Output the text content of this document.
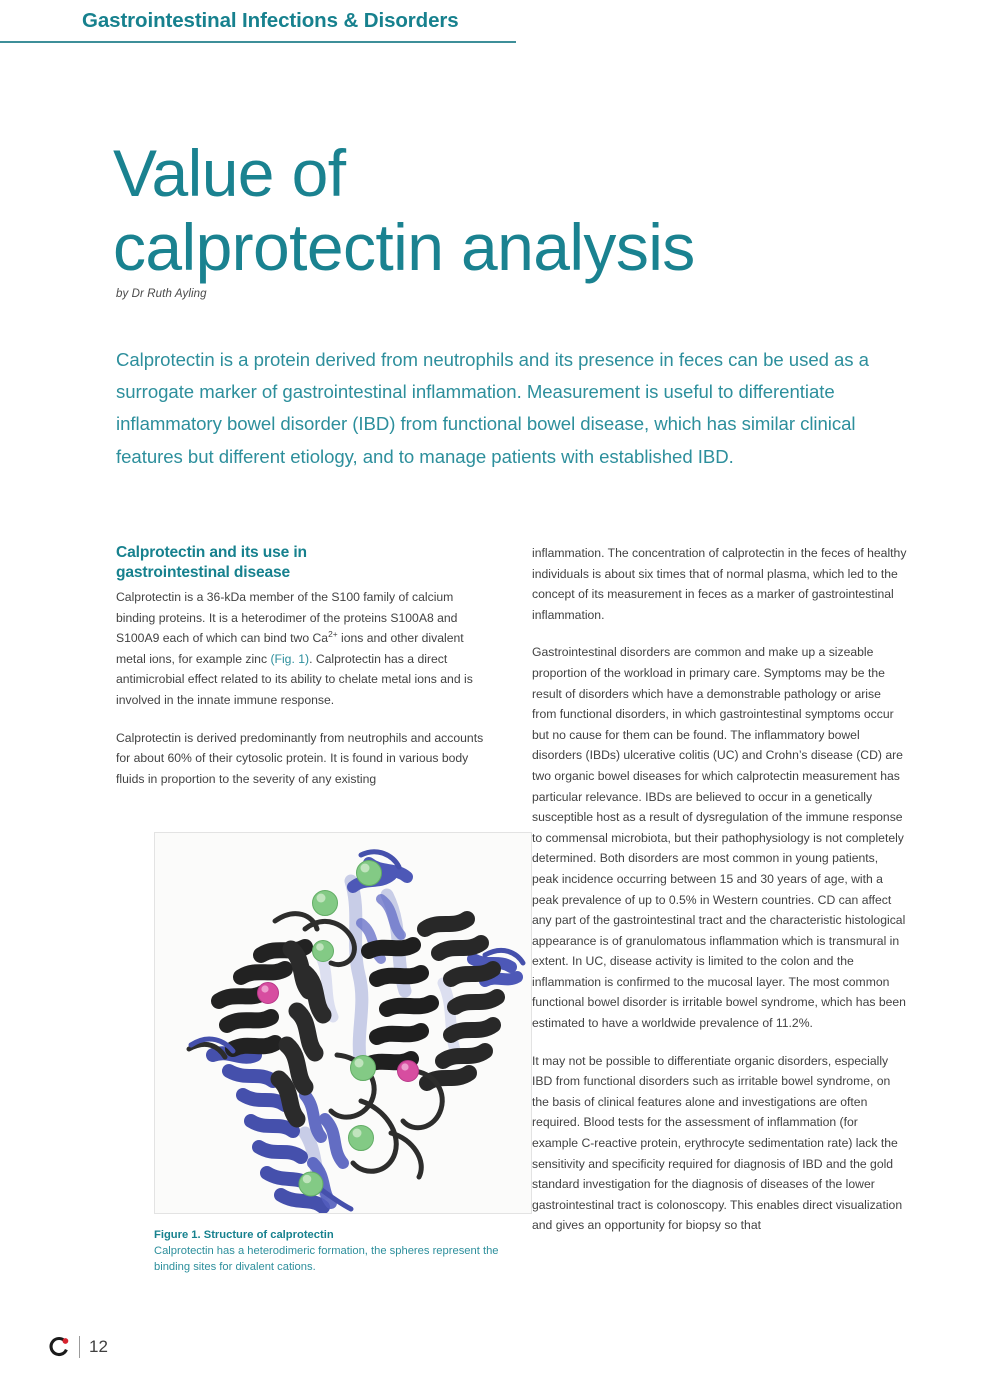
Gastrointestinal Infections & Disorders
Value of
calprotectin analysis
by Dr Ruth Ayling
Calprotectin is a protein derived from neutrophils and its presence in feces can be used as a surrogate marker of gastrointestinal inflammation. Measurement is useful to differentiate inflammatory bowel disorder (IBD) from functional bowel disease, which has similar clinical features but different etiology, and to manage patients with established IBD.
Calprotectin and its use in
gastrointestinal disease

Calprotectin is a 36-kDa member of the S100 family of calcium binding proteins. It is a heterodimer of the proteins S100A8 and S100A9 each of which can bind two $Ca^{2+}$ ions and other divalent metal ions, for example zinc (Fig. 1). Calprotectin has a direct antimicrobial effect related to its ability to chelate metal ions and is involved in the innate immune response.

Calprotectin is derived predominantly from neutrophils and accounts for about 60% of their cytosolic protein. It is found in various body fluids in proportion to the severity of any existing

Figure 1. Structure of calprotectin
Calprotectin has a heterodimeric formation, the spheres represent the binding sites for divalent cations.

inflammation. The concentration of calprotectin in the feces of healthy individuals is about six times that of normal plasma, which led to the concept of its measurement in feces as a marker of gastrointestinal inflammation.

Gastrointestinal disorders are common and make up a sizeable proportion of the workload in primary care. Symptoms may be the result of disorders which have a demonstrable pathology or arise from functional disorders, in which gastrointestinal symptoms occur but no cause for them can be found. The inflammatory bowel disorders (IBDs) ulcerative colitis (UC) and Crohn’s disease (CD) are two organic bowel diseases for which calprotectin measurement has particular relevance. IBDs are believed to occur in a genetically susceptible host as a result of dysregulation of the immune response to commensal microbiota, but their pathophysiology is not completely determined. Both disorders are most common in young patients, peak incidence occurring between 15 and 30 years of age, with a peak prevalence of up to 0.5% in Western countries. CD can affect any part of the gastrointestinal tract and the characteristic histological appearance is of granulomatous inflammation which is transmural in extent. In UC, disease activity is limited to the colon and the inflammation is confirmed to the mucosal layer. The most common functional bowel disorder is irritable bowel syndrome, which has been estimated to have a worldwide prevalence of 11.2%.

It may not be possible to differentiate organic disorders, especially IBD from functional disorders such as irritable bowel syndrome, on the basis of clinical features alone and investigations are often required. Blood tests for the assessment of inflammation (for example C-reactive protein, erythrocyte sedimentation rate) lack the sensitivity and specificity required for diagnosis of IBD and the gold standard investigation for the diagnosis of diseases of the lower gastrointestinal tract is colonoscopy. This enables direct visualization and gives an opportunity for biopsy so that

12
